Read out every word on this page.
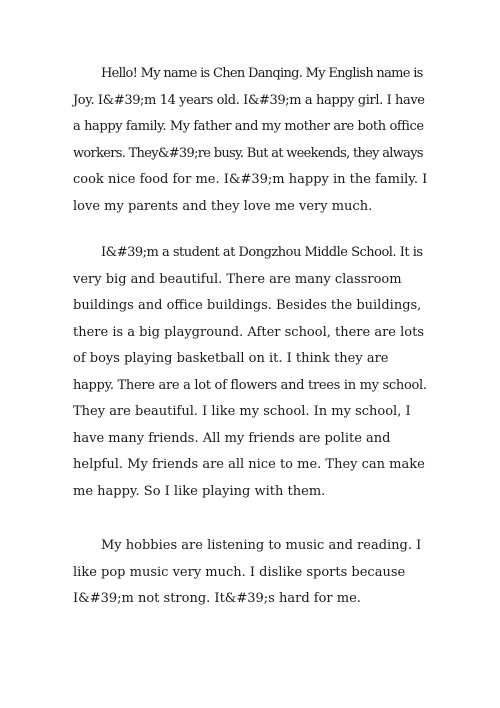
Hello! My name is Chen Danqing. My English name is
Joy. I&#39;m 14 years old. I&#39;m a happy girl. I have
a happy family. My father and my mother are both office
workers. They&#39;re busy. But at weekends, they always
cook nice food for me. I&#39;m happy in the family. I
love my parents and they love me very much.
I&#39;m a student at Dongzhou Middle School. It is
very big and beautiful. There are many classroom
buildings and office buildings. Besides the buildings,
there is a big playground. After school, there are lots
of boys playing basketball on it. I think they are
happy. There are a lot of flowers and trees in my school.
They are beautiful. I like my school. In my school, I
have many friends. All my friends are polite and
helpful. My friends are all nice to me. They can make
me happy. So I like playing with them.
My hobbies are listening to music and reading. I
like pop music very much. I dislike sports because
I&#39;m not strong. It&#39;s hard for me.
